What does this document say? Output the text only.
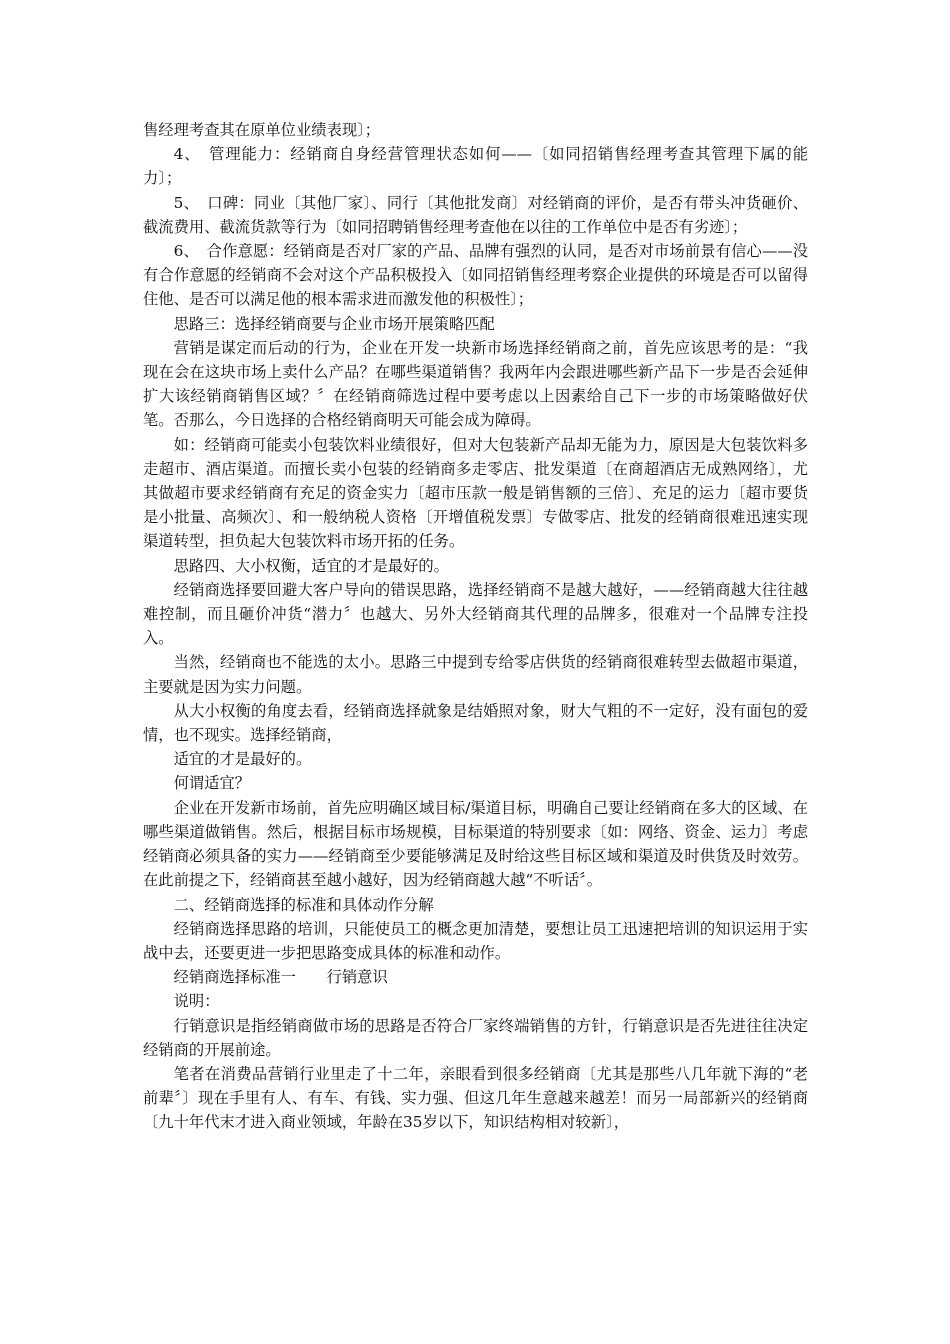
售经理考查其在原单位业绩表现〕；

4、　管理能力：经销商自身经营管理状态如何——〔如同招销售经理考查其管理下属的能力〕；

5、　口碑：同业〔其他厂家〕、同行〔其他批发商〕对经销商的评价，是否有带头冲货砸价、截流费用、截流货款等行为〔如同招聘销售经理考查他在以往的工作单位中是否有劣迹〕；

6、　合作意愿：经销商是否对厂家的产品、品牌有强烈的认同，是否对市场前景有信心——没有合作意愿的经销商不会对这个产品积极投入〔如同招销售经理考察企业提供的环境是否可以留得住他、是否可以满足他的根本需求进而激发他的积极性〕；

思路三：选择经销商要与企业市场开展策略匹配

营销是谋定而后动的行为，企业在开发一块新市场选择经销商之前，首先应该思考的是：“我现在会在这块市场上卖什么产品？在哪些渠道销售？我两年内会跟进哪些新产品下一步是否会延伸扩大该经销商销售区域？〞在经销商筛选过程中要考虑以上因素给自己下一步的市场策略做好伏笔。否那么，今日选择的合格经销商明天可能会成为障碍。

如：经销商可能卖小包装饮料业绩很好，但对大包装新产品却无能为力，原因是大包装饮料多走超市、酒店渠道。而擅长卖小包装的经销商多走零店、批发渠道〔在商超酒店无成熟网络〕，尤其做超市要求经销商有充足的资金实力〔超市压款一般是销售额的三倍〕、充足的运力〔超市要货是小批量、高频次〕、和一般纳税人资格〔开增值税发票〕专做零店、批发的经销商很难迅速实现渠道转型，担负起大包装饮料市场开拓的任务。

思路四、大小权衡，适宜的才是最好的。

经销商选择要回避大客户导向的错误思路，选择经销商不是越大越好，——经销商越大往往越难控制，而且砸价冲货“潜力〞也越大、另外大经销商其代理的品牌多，很难对一个品牌专注投入。

当然，经销商也不能选的太小。思路三中提到专给零店供货的经销商很难转型去做超市渠道，主要就是因为实力问题。

从大小权衡的角度去看，经销商选择就象是结婚照对象，财大气粗的不一定好，没有面包的爱情，也不现实。选择经销商，

适宜的才是最好的。

何谓适宜？

企业在开发新市场前，首先应明确区域目标/渠道目标，明确自己要让经销商在多大的区域、在哪些渠道做销售。然后，根据目标市场规模，目标渠道的特别要求〔如：网络、资金、运力〕考虑经销商必须具备的实力——经销商至少要能够满足及时给这些目标区域和渠道及时供货及时效劳。在此前提之下，经销商甚至越小越好，因为经销商越大越“不听话〞。

二、经销商选择的标准和具体动作分解

经销商选择思路的培训，只能使员工的概念更加清楚，要想让员工迅速把培训的知识运用于实战中去，还要更进一步把思路变成具体的标准和动作。

经销商选择标准一　　行销意识

说明：

行销意识是指经销商做市场的思路是否符合厂家终端销售的方针，行销意识是否先进往往决定经销商的开展前途。

笔者在消费品营销行业里走了十二年，亲眼看到很多经销商〔尤其是那些八几年就下海的“老前辈〞〕现在手里有人、有车、有钱、实力强、但这几年生意越来越差！而另一局部新兴的经销商〔九十年代末才进入商业领域，年龄在35岁以下，知识结构相对较新〕，
